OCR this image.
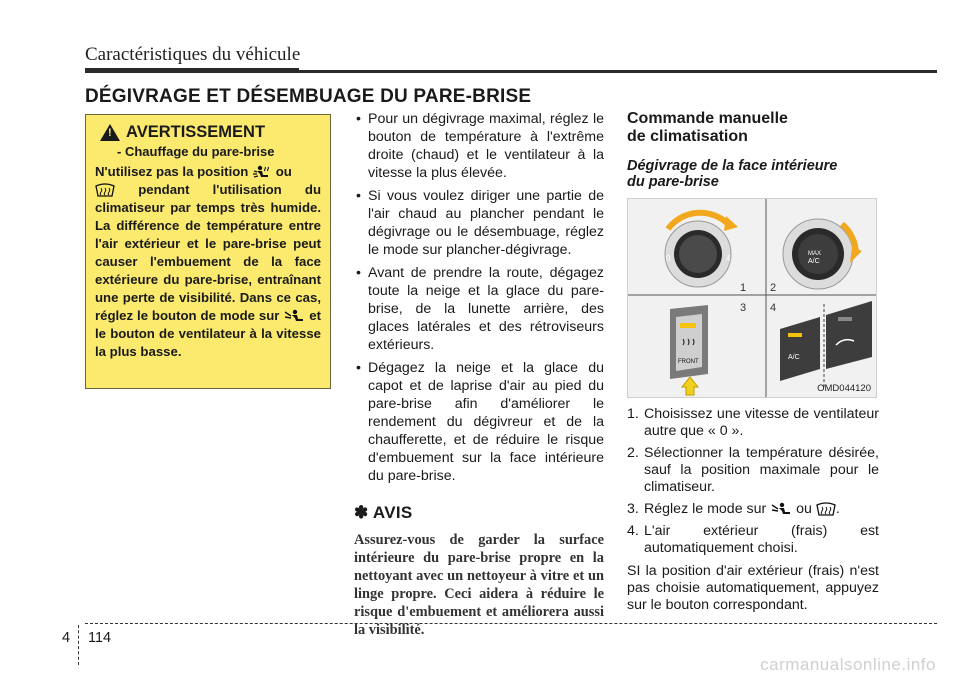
Caractéristiques du véhicule
DÉGIVRAGE ET DÉSEMBUAGE DU PARE-BRISE
!
AVERTISSEMENT
- Chauffage du pare-brise
N'utilisez pas la position ou
pendant l'utilisation du climatiseur par temps très humide. La différence de température entre l'air extérieur et le pare-brise peut causer l'embuement de la face extérieure du pare-brise, entraînant une perte de visibilité. Dans ce cas, réglez le bouton de mode sur et le bouton de ventilateur à la vitesse la plus basse.
• Pour un dégivrage maximal, réglez le bouton de température à l'extrême droite (chaud) et le ventilateur à la vitesse la plus élevée.
• Si vous voulez diriger une partie de l'air chaud au plancher pendant le dégivrage ou le désembuage, réglez le mode sur plancher-dégivrage.
• Avant de prendre la route, dégagez toute la neige et la glace du pare-brise, de la lunette arrière, des glaces latérales et des rétroviseurs extérieurs.
• Dégagez la neige et la glace du capot et de laprise d'air au pied du pare-brise afin d'améliorer le rendement du dégivreur et de la chaufferette, et de réduire le risque d'embuement sur la face intérieure du pare-brise.
✽ AVIS
Assurez-vous de garder la surface intérieure du pare-brise propre en la nettoyant avec un nettoyeur à vitre et un linge propre. Ceci aidera à réduire le risque d'embuement et améliorera aussi la visibilité.
Commande manuelle
de climatisation
Dégivrage de la face intérieure
du pare-brise
0	4	MAX
A/C
1 2
3 4
FRONT
A/C
OMD044120
1. Choisissez une vitesse de ventilateur autre que « 0 ».
2. Sélectionner la température désirée, sauf la position maximale pour le climatiseur.
3. Réglez le mode sur ou .
4. L'air extérieur (frais) est automatiquement choisi.
SI la position d'air extérieur (frais) n'est pas choisie automatiquement, appuyez sur le bouton correspondant.
4 114
carmanualsonline.info
